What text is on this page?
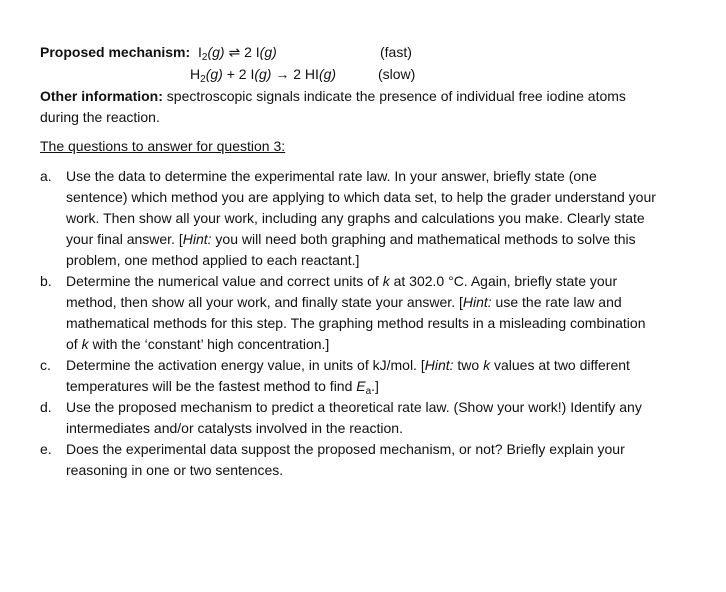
Proposed mechanism: $I_2(g)$ ⇌ 2 I(g)	(fast)
$H_2(g) + 2$ I(g) → 2 HI(g)	(slow)
Other information: spectroscopic signals indicate the presence of individual free iodine atoms
during the reaction.
The questions to answer for question 3:
a.	Use the data to determine the experimental rate law. In your answer, briefly state (one
sentence) which method you are applying to which data set, to help the grader understand your
work. Then show all your work, including any graphs and calculations you make. Clearly state
your final answer. [Hint: you will need both graphing and mathematical methods to solve this
problem, one method applied to each reactant.]
b.	Determine the numerical value and correct units of k at 302.0 °C. Again, briefly state your
method, then show all your work, and finally state your answer. [Hint: use the rate law and
mathematical methods for this step. The graphing method results in a misleading combination
of k with the ‘constant’ high concentration.]
c.	Determine the activation energy value, in units of kJ/mol. [Hint: two k values at two different
temperatures will be the fastest method to find $E_a$.]
d.	Use the proposed mechanism to predict a theoretical rate law. (Show your work!) Identify any
intermediates and/or catalysts involved in the reaction.
e.	Does the experimental data suppost the proposed mechanism, or not? Briefly explain your
reasoning in one or two sentences.
